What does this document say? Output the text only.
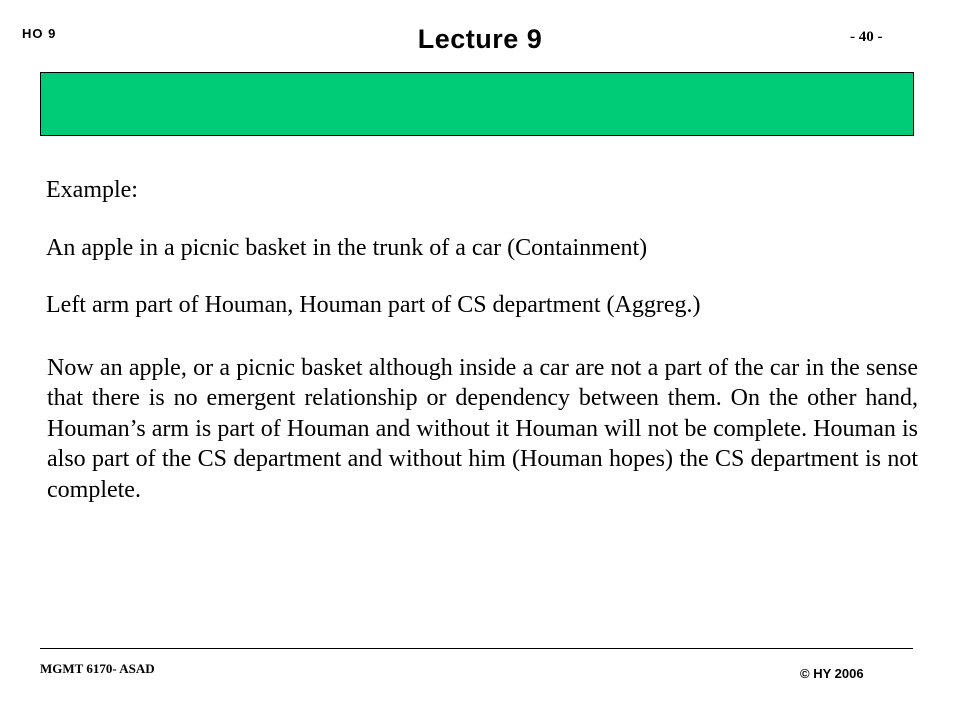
HO 9	Lecture 9	- 40 -
Example:
An apple in a picnic basket in the trunk of a car (Containment)
Left arm part of Houman, Houman part of CS department (Aggreg.)
Now an apple, or a picnic basket although inside a car are not a part of the car in the sense that there is no emergent relationship or dependency between them. On the other hand, Houman’s arm is part of Houman and without it Houman will not be complete. Houman is also part of the CS department and without him (Houman hopes) the CS department is not complete.
MGMT 6170- ASAD	© HY 2006
